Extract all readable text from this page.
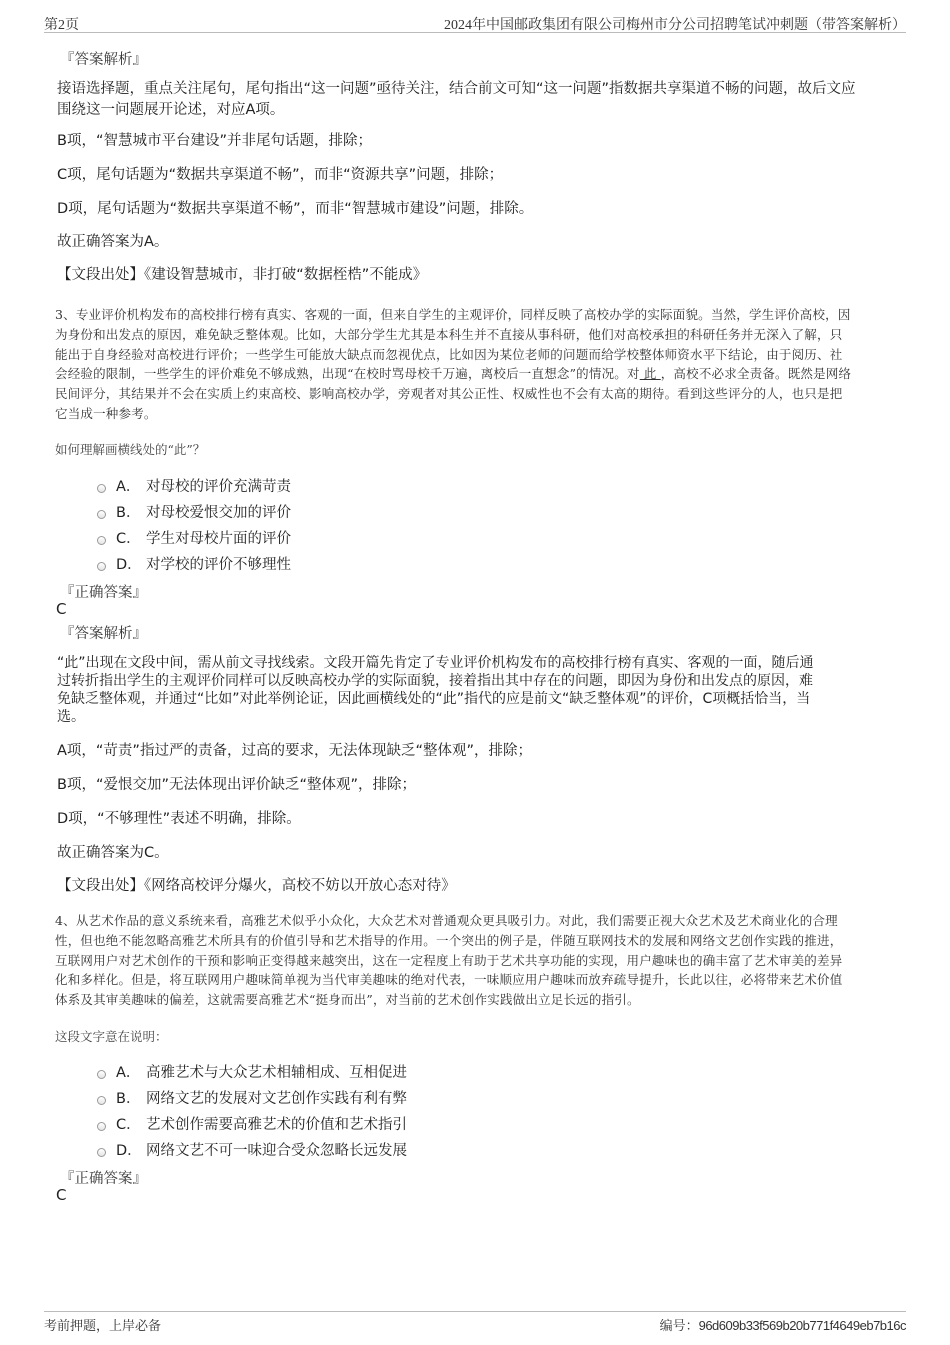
第2页	2024年中国邮政集团有限公司梅州市分公司招聘笔试冲刺题（带答案解析）
『答案解析』
接语选择题，重点关注尾句，尾句指出“这一问题”亟待关注，结合前文可知“这一问题”指数据共享渠道不畅的问题，故后文应
围绕这一问题展开论述，对应A项。
B项，“智慧城市平台建设”并非尾句话题，排除；
C项，尾句话题为“数据共享渠道不畅”，而非“资源共享”问题，排除；
D项，尾句话题为“数据共享渠道不畅”，而非“智慧城市建设”问题，排除。
故正确答案为A。
【文段出处】《建设智慧城市，非打破“数据桎梏”不能成》
3、专业评价机构发布的高校排行榜有真实、客观的一面，但来自学生的主观评价，同样反映了高校办学的实际面貌。当然，学生评价高校，因
为身份和出发点的原因，难免缺乏整体观。比如，大部分学生尤其是本科生并不直接从事科研，他们对高校承担的科研任务并无深入了解，只
能出于自身经验对高校进行评价；一些学生可能放大缺点而忽视优点，比如因为某位老师的问题而给学校整体师资水平下结论，由于阅历、社
会经验的限制，一些学生的评价难免不够成熟，出现“在校时骂母校千万遍，离校后一直想念”的情况。对 此 ，高校不必求全责备。既然是网络
民间评分，其结果并不会在实质上约束高校、影响高校办学，旁观者对其公正性、权威性也不会有太高的期待。看到这些评分的人，也只是把
它当成一种参考。
如何理解画横线处的“此”？
A． 对母校的评价充满苛责
B． 对母校爱恨交加的评价
C． 学生对母校片面的评价
D． 对学校的评价不够理性
『正确答案』
C
『答案解析』
“此”出现在文段中间，需从前文寻找线索。文段开篇先肯定了专业评价机构发布的高校排行榜有真实、客观的一面，随后通
过转折指出学生的主观评价同样可以反映高校办学的实际面貌，接着指出其中存在的问题，即因为身份和出发点的原因，难
免缺乏整体观，并通过“比如”对此举例论证，因此画横线处的“此”指代的应是前文“缺乏整体观”的评价，C项概括恰当，当
选。
A项，“苛责”指过严的责备，过高的要求，无法体现缺乏“整体观”，排除；
B项，“爱恨交加”无法体现出评价缺乏“整体观”，排除；
D项，“不够理性”表述不明确，排除。
故正确答案为C。
【文段出处】《网络高校评分爆火，高校不妨以开放心态对待》
4、从艺术作品的意义系统来看，高雅艺术似乎小众化，大众艺术对普通观众更具吸引力。对此，我们需要正视大众艺术及艺术商业化的合理
性，但也绝不能忽略高雅艺术所具有的价值引导和艺术指导的作用。一个突出的例子是，伴随互联网技术的发展和网络文艺创作实践的推进，
互联网用户对艺术创作的干预和影响正变得越来越突出，这在一定程度上有助于艺术共享功能的实现，用户趣味也的确丰富了艺术审美的差异
化和多样化。但是，将互联网用户趣味简单视为当代审美趣味的绝对代表，一味顺应用户趣味而放弃疏导提升，长此以往，必将带来艺术价值
体系及其审美趣味的偏差，这就需要高雅艺术“挺身而出”，对当前的艺术创作实践做出立足长远的指引。
这段文字意在说明：
A． 高雅艺术与大众艺术相辅相成、互相促进
B． 网络文艺的发展对文艺创作实践有利有弊
C． 艺术创作需要高雅艺术的价值和艺术指引
D． 网络文艺不可一味迎合受众忽略长远发展
『正确答案』
C
考前押题，上岸必备	编号：96d609b33f569b20b771f4649eb7b16c
